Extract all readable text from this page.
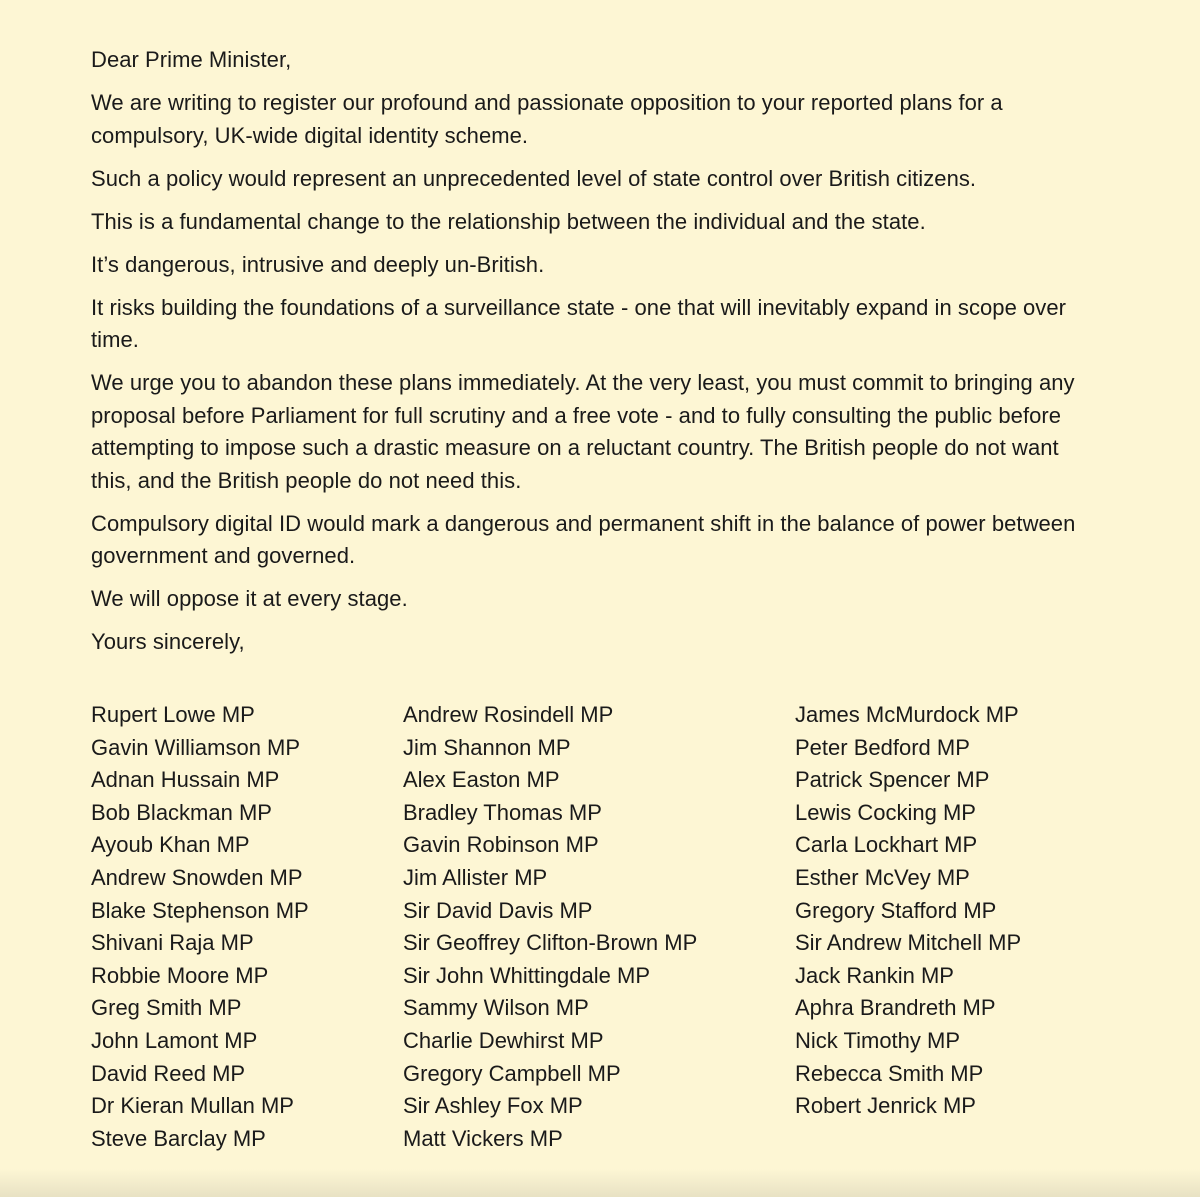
Dear Prime Minister,

We are writing to register our profound and passionate opposition to your reported plans for a compulsory, UK-wide digital identity scheme.

Such a policy would represent an unprecedented level of state control over British citizens.

This is a fundamental change to the relationship between the individual and the state.

It’s dangerous, intrusive and deeply un-British.

It risks building the foundations of a surveillance state - one that will inevitably expand in scope over time.

We urge you to abandon these plans immediately. At the very least, you must commit to bringing any proposal before Parliament for full scrutiny and a free vote - and to fully consulting the public before attempting to impose such a drastic measure on a reluctant country. The British people do not want this, and the British people do not need this.

Compulsory digital ID would mark a dangerous and permanent shift in the balance of power between government and governed.

We will oppose it at every stage.

Yours sincerely,

Rupert Lowe MP
Gavin Williamson MP
Adnan Hussain MP
Bob Blackman MP
Ayoub Khan MP
Andrew Snowden MP
Blake Stephenson MP
Shivani Raja MP
Robbie Moore MP
Greg Smith MP
John Lamont MP
David Reed MP
Dr Kieran Mullan MP
Steve Barclay MP
Andrew Rosindell MP
Jim Shannon MP
Alex Easton MP
Bradley Thomas MP
Gavin Robinson MP
Jim Allister MP
Sir David Davis MP
Sir Geoffrey Clifton-Brown MP
Sir John Whittingdale MP
Sammy Wilson MP
Charlie Dewhirst MP
Gregory Campbell MP
Sir Ashley Fox MP
Matt Vickers MP
James McMurdock MP
Peter Bedford MP
Patrick Spencer MP
Lewis Cocking MP
Carla Lockhart MP
Esther McVey MP
Gregory Stafford MP
Sir Andrew Mitchell MP
Jack Rankin MP
Aphra Brandreth MP
Nick Timothy MP
Rebecca Smith MP
Robert Jenrick MP
